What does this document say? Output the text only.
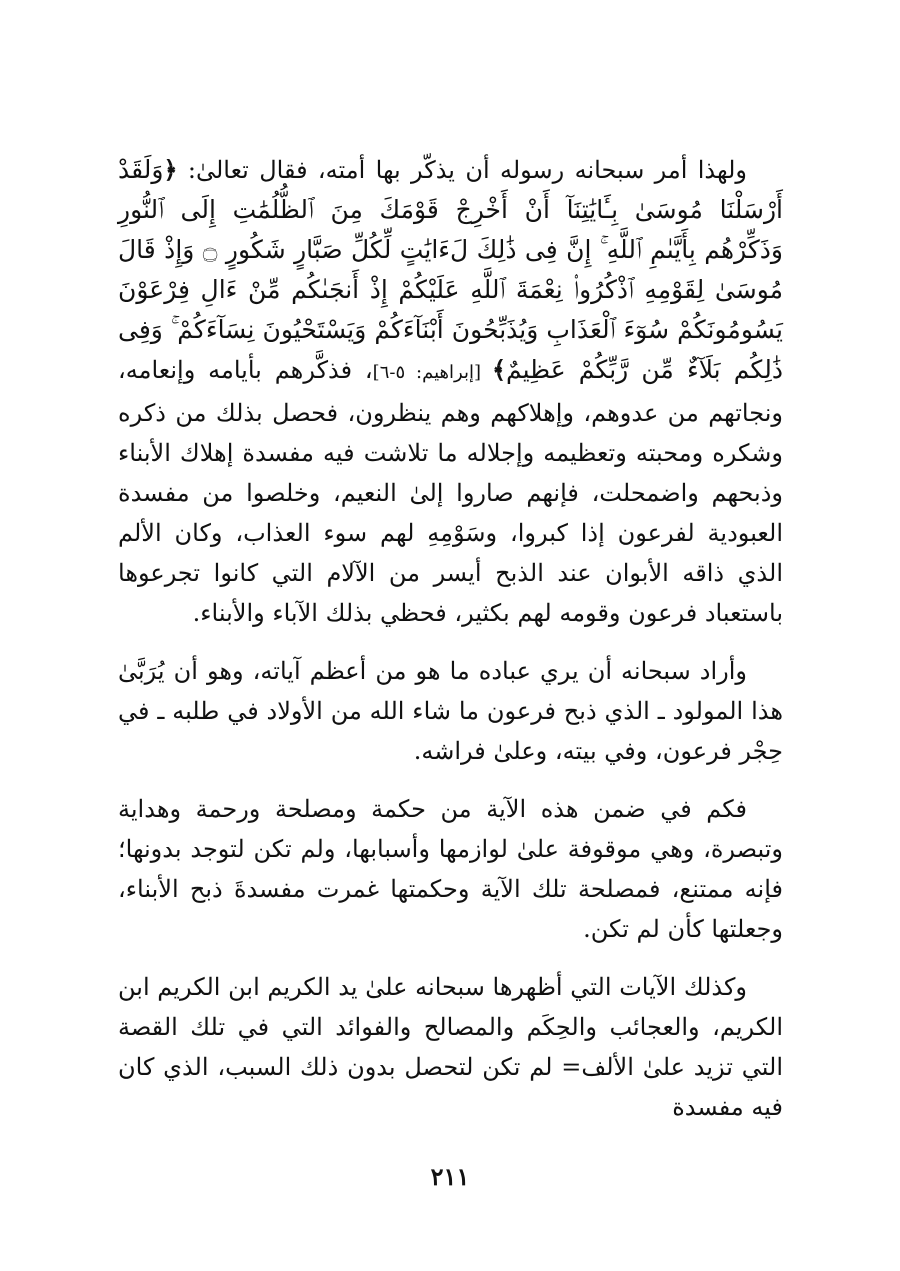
ولهذا أمر سبحانه رسوله أن يذكّر بها أمته، فقال تعالىٰ: ﴿وَلَقَدْ أَرْسَلْنَا مُوسَىٰ بِـَٔايَٰتِنَآ أَنْ أَخْرِجْ قَوْمَكَ مِنَ ٱلظُّلُمَٰتِ إِلَى ٱلنُّورِ وَذَكِّرْهُم بِأَيَّىٰمِ ٱللَّهِ ۚ إِنَّ فِى ذَٰلِكَ لَءَايَٰتٍ لِّكُلِّ صَبَّارٍ شَكُورٍ ۝ وَإِذْ قَالَ مُوسَىٰ لِقَوْمِهِ ٱذْكُرُوا۟ نِعْمَةَ ٱللَّهِ عَلَيْكُمْ إِذْ أَنجَىٰكُم مِّنْ ءَالِ فِرْعَوْنَ يَسُومُونَكُمْ سُوٓءَ ٱلْعَذَابِ وَيُذَبِّحُونَ أَبْنَآءَكُمْ وَيَسْتَحْيُونَ نِسَآءَكُمْ ۚ وَفِى ذَٰلِكُم بَلَآءٌ مِّن رَّبِّكُمْ عَظِيمٌ﴾ [إبراهيم: ٥-٦]، فذكَّرهم بأيامه وإنعامه، ونجاتهم من عدوهم، وإهلاكهم وهم ينظرون، فحصل بذلك من ذكره وشكره ومحبته وتعظيمه وإجلاله ما تلاشت فيه مفسدة إهلاك الأبناء وذبحهم واضمحلت، فإنهم صاروا إلىٰ النعيم، وخلصوا من مفسدة العبودية لفرعون إذا كبروا، وسَوْمِهِ لهم سوء العذاب، وكان الألم الذي ذاقه الأبوان عند الذبح أيسر من الآلام التي كانوا تجرعوها باستعباد فرعون وقومه لهم بكثير، فحظي بذلك الآباء والأبناء.

وأراد سبحانه أن يري عباده ما هو من أعظم آياته، وهو أن يُرَبَّىٰ هذا المولود ـ الذي ذبح فرعون ما شاء الله من الأولاد في طلبه ـ في حِجْر فرعون، وفي بيته، وعلىٰ فراشه.

فكم في ضمن هذه الآية من حكمة ومصلحة ورحمة وهداية وتبصرة، وهي موقوفة علىٰ لوازمها وأسبابها، ولم تكن لتوجد بدونها؛ فإنه ممتنع، فمصلحة تلك الآية وحكمتها غمرت مفسدةَ ذبح الأبناء، وجعلتها كأن لم تكن.

وكذلك الآيات التي أظهرها سبحانه علىٰ يد الكريم ابن الكريم ابن الكريم، والعجائب والحِكَم والمصالح والفوائد التي في تلك القصة التي تزيد علىٰ الألف= لم تكن لتحصل بدون ذلك السبب، الذي كان فيه مفسدة

٢١١
